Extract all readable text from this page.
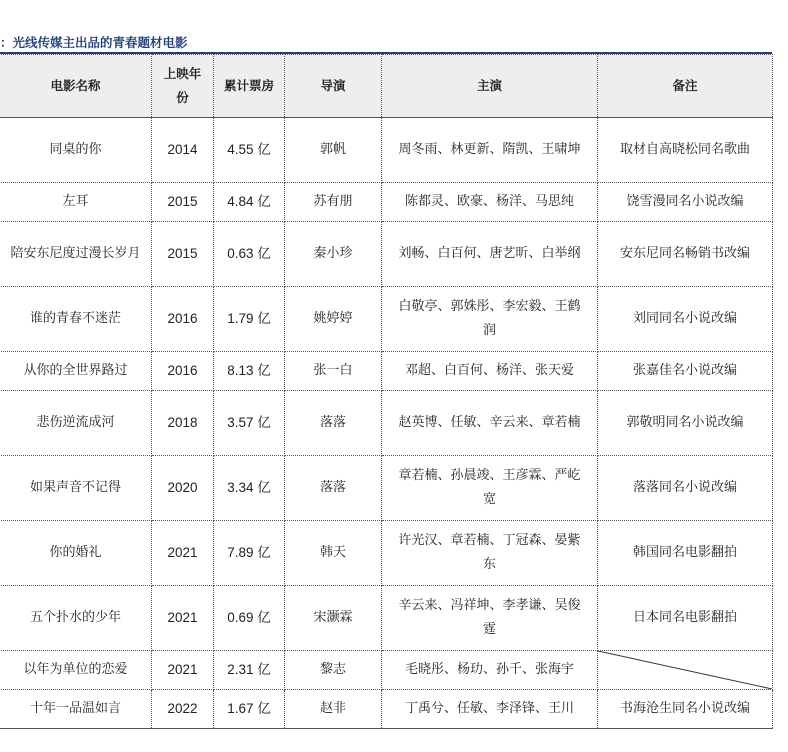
：光线传媒主出品的青春题材电影
电影名称	上映年份	累计票房	导演	主演	备注
同桌的你	2014	4.55 亿	郭帆	周冬雨、林更新、隋凯、王啸坤	取材自高晓松同名歌曲
左耳	2015	4.84 亿	苏有朋	陈都灵、欧豪、杨洋、马思纯	饶雪漫同名小说改编
陪安东尼度过漫长岁月	2015	0.63 亿	秦小珍	刘畅、白百何、唐艺昕、白举纲	安东尼同名畅销书改编
谁的青春不迷茫	2016	1.79 亿	姚婷婷	白敬亭、郭姝彤、李宏毅、王鹤润	刘同同名小说改编
从你的全世界路过	2016	8.13 亿	张一白	邓超、白百何、杨洋、张天爱	张嘉佳名小说改编
悲伤逆流成河	2018	3.57 亿	落落	赵英博、任敏、辛云来、章若楠	郭敬明同名小说改编
如果声音不记得	2020	3.34 亿	落落	章若楠、孙晨竣、王彦霖、严屹宽	落落同名小说改编
你的婚礼	2021	7.89 亿	韩天	许光汉、章若楠、丁冠森、晏紫东	韩国同名电影翻拍
五个扑水的少年	2021	0.69 亿	宋灏霖	辛云来、冯祥坤、李孝谦、吴俊霆	日本同名电影翻拍
以年为单位的恋爱	2021	2.31 亿	黎志	毛晓彤、杨玏、孙千、张海宇	

十年一品温如言	2022	1.67 亿	赵非	丁禹兮、任敏、李泽锋、王川	书海沧生同名小说改编
